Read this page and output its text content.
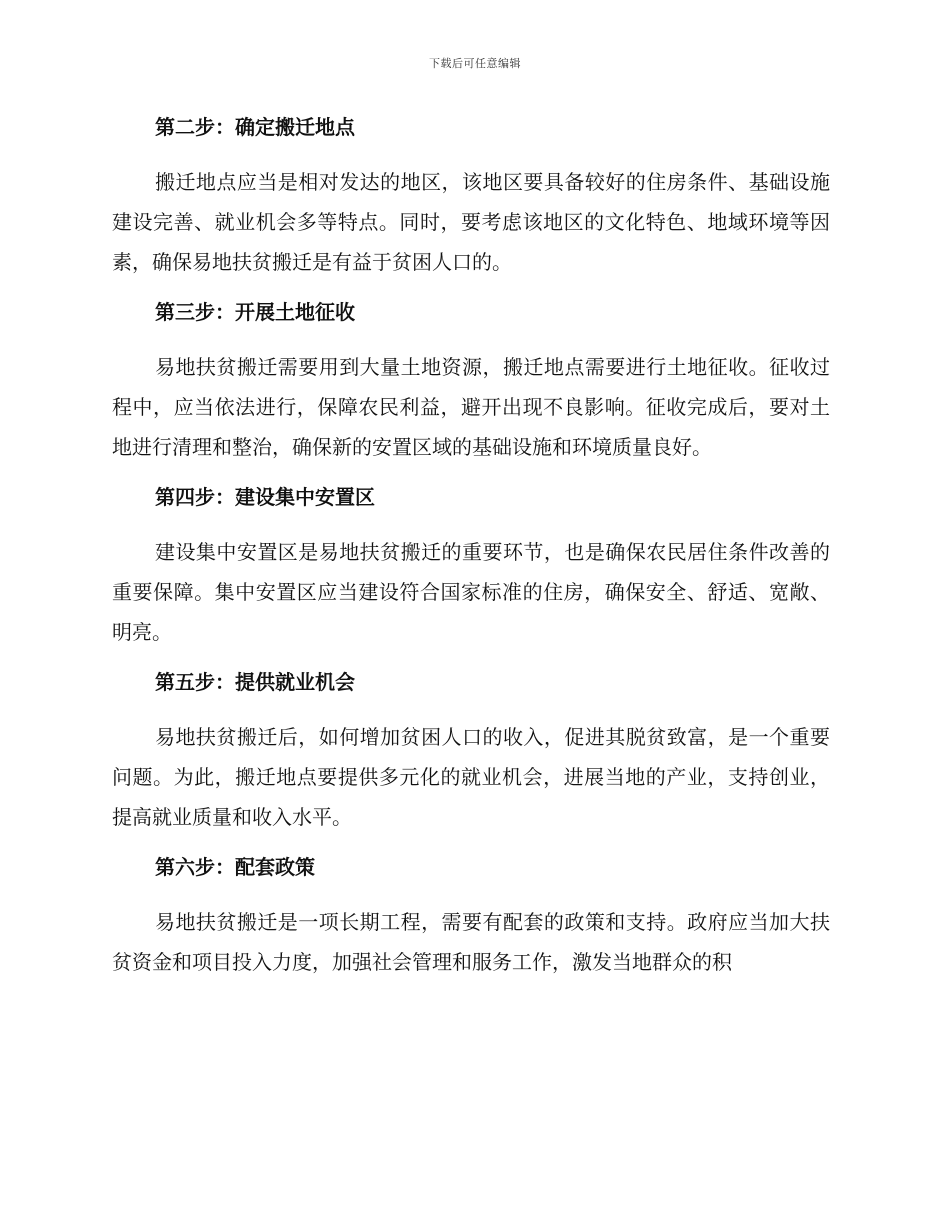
下载后可任意编辑
第二步：确定搬迁地点

搬迁地点应当是相对发达的地区，该地区要具备较好的住房条件、基础设施建设完善、就业机会多等特点。同时，要考虑该地区的文化特色、地域环境等因素，确保易地扶贫搬迁是有益于贫困人口的。

第三步：开展土地征收

易地扶贫搬迁需要用到大量土地资源，搬迁地点需要进行土地征收。征收过程中，应当依法进行，保障农民利益，避开出现不良影响。征收完成后，要对土地进行清理和整治，确保新的安置区域的基础设施和环境质量良好。

第四步：建设集中安置区

建设集中安置区是易地扶贫搬迁的重要环节，也是确保农民居住条件改善的重要保障。集中安置区应当建设符合国家标准的住房，确保安全、舒适、宽敞、明亮。

第五步：提供就业机会

易地扶贫搬迁后，如何增加贫困人口的收入，促进其脱贫致富，是一个重要问题。为此，搬迁地点要提供多元化的就业机会，进展当地的产业，支持创业，提高就业质量和收入水平。

第六步：配套政策

易地扶贫搬迁是一项长期工程，需要有配套的政策和支持。政府应当加大扶贫资金和项目投入力度，加强社会管理和服务工作，激发当地群众的积
